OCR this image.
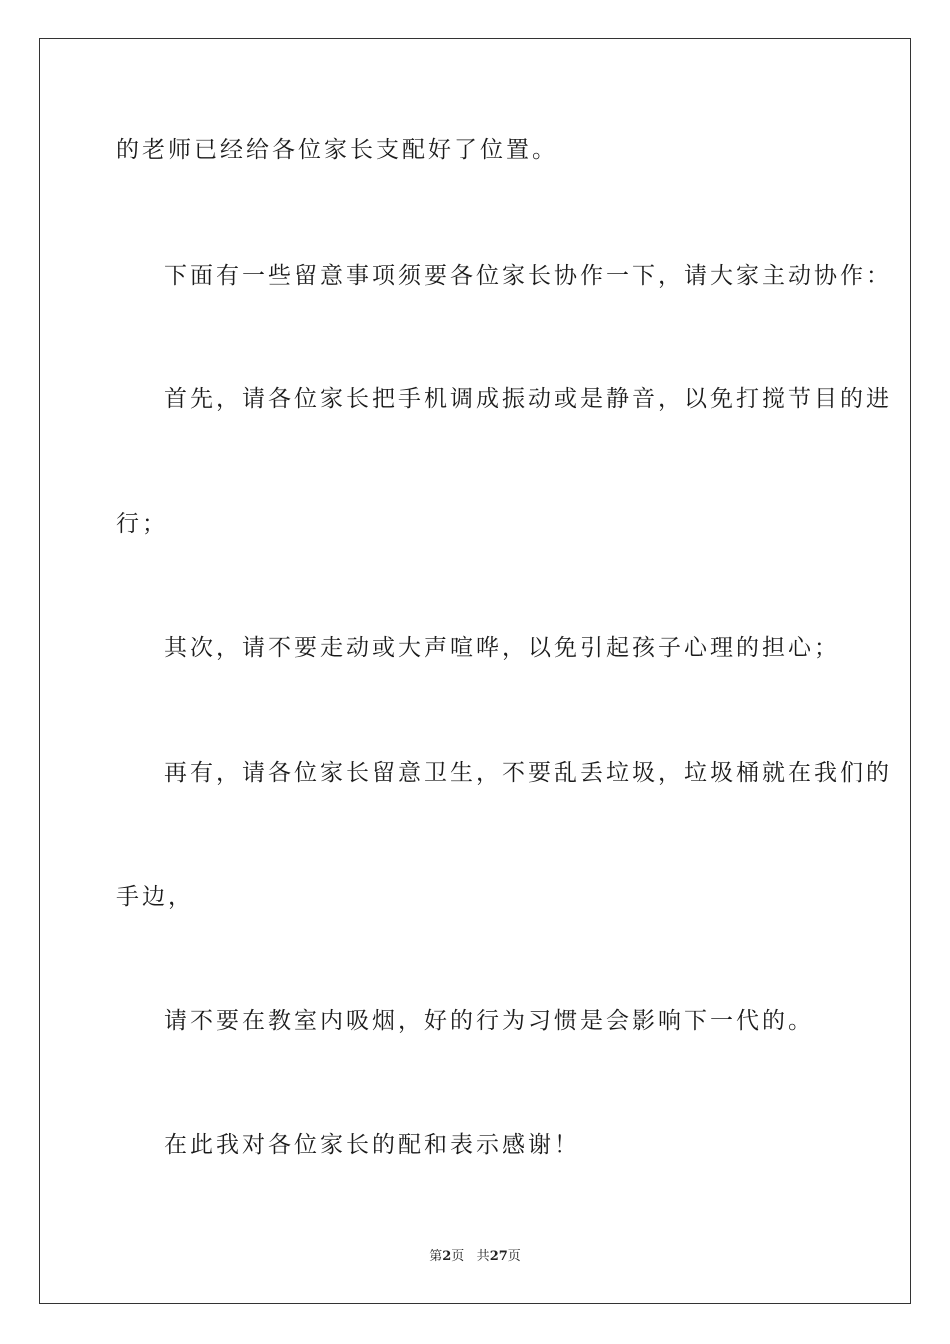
的老师已经给各位家长支配好了位置。
下面有一些留意事项须要各位家长协作一下，请大家主动协作：
首先，请各位家长把手机调成振动或是静音，以免打搅节目的进
行；
其次，请不要走动或大声喧哗，以免引起孩子心理的担心；
再有，请各位家长留意卫生，不要乱丢垃圾，垃圾桶就在我们的
手边，
请不要在教室内吸烟，好的行为习惯是会影响下一代的。
在此我对各位家长的配和表示感谢！
第2页 共27页
